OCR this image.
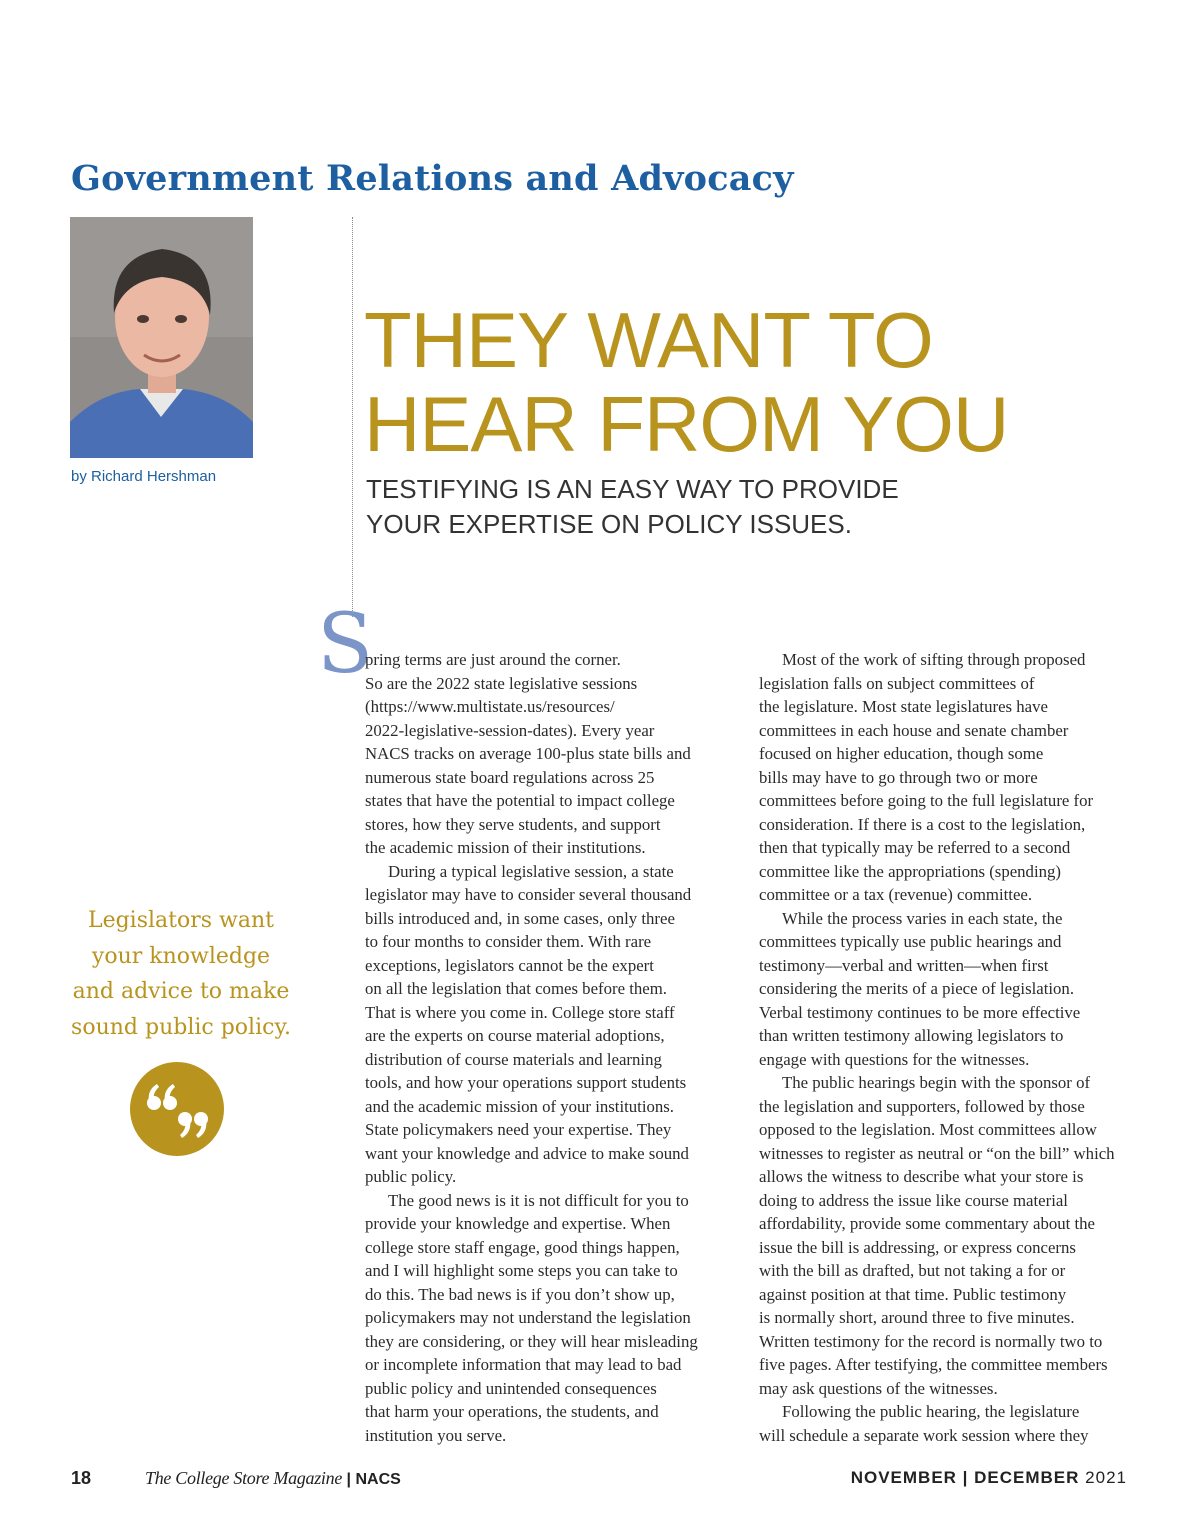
Government Relations and Advocacy
by Richard Hershman
THEY WANT TO
HEAR FROM YOU
TESTIFYING IS AN EASY WAY TO PROVIDE
YOUR EXPERTISE ON POLICY ISSUES.

Legislators want
your knowledge
and advice to make
sound public policy.

S

pring terms are just around the corner.
So are the 2022 state legislative sessions
(https://www.multistate.us/resources/
2022-legislative-session-dates). Every year
NACS tracks on average 100-plus state bills and
numerous state board regulations across 25
states that have the potential to impact college
stores, how they serve students, and support
the academic mission of their institutions.

During a typical legislative session, a state
legislator may have to consider several thousand
bills introduced and, in some cases, only three
to four months to consider them. With rare
exceptions, legislators cannot be the expert
on all the legislation that comes before them.
That is where you come in. College store staff
are the experts on course material adoptions,
distribution of course materials and learning
tools, and how your operations support students
and the academic mission of your institutions.
State policymakers need your expertise. They
want your knowledge and advice to make sound
public policy.

The good news is it is not difficult for you to
provide your knowledge and expertise. When
college store staff engage, good things happen,
and I will highlight some steps you can take to
do this. The bad news is if you don’t show up,
policymakers may not understand the legislation
they are considering, or they will hear misleading
or incomplete information that may lead to bad
public policy and unintended consequences
that harm your operations, the students, and
institution you serve.

Most of the work of sifting through proposed
legislation falls on subject committees of
the legislature. Most state legislatures have
committees in each house and senate chamber
focused on higher education, though some
bills may have to go through two or more
committees before going to the full legislature for
consideration. If there is a cost to the legislation,
then that typically may be referred to a second
committee like the appropriations (spending)
committee or a tax (revenue) committee.

While the process varies in each state, the
committees typically use public hearings and
testimony—verbal and written—when first
considering the merits of a piece of legislation.
Verbal testimony continues to be more effective
than written testimony allowing legislators to
engage with questions for the witnesses.

The public hearings begin with the sponsor of
the legislation and supporters, followed by those
opposed to the legislation. Most committees allow
witnesses to register as neutral or “on the bill” which
allows the witness to describe what your store is
doing to address the issue like course material
affordability, provide some commentary about the
issue the bill is addressing, or express concerns
with the bill as drafted, but not taking a for or
against position at that time. Public testimony
is normally short, around three to five minutes.
Written testimony for the record is normally two to
five pages. After testifying, the committee members
may ask questions of the witnesses.

Following the public hearing, the legislature
will schedule a separate work session where they

18	The College Store Magazine | NACS	NOVEMBER | DECEMBER 2021
